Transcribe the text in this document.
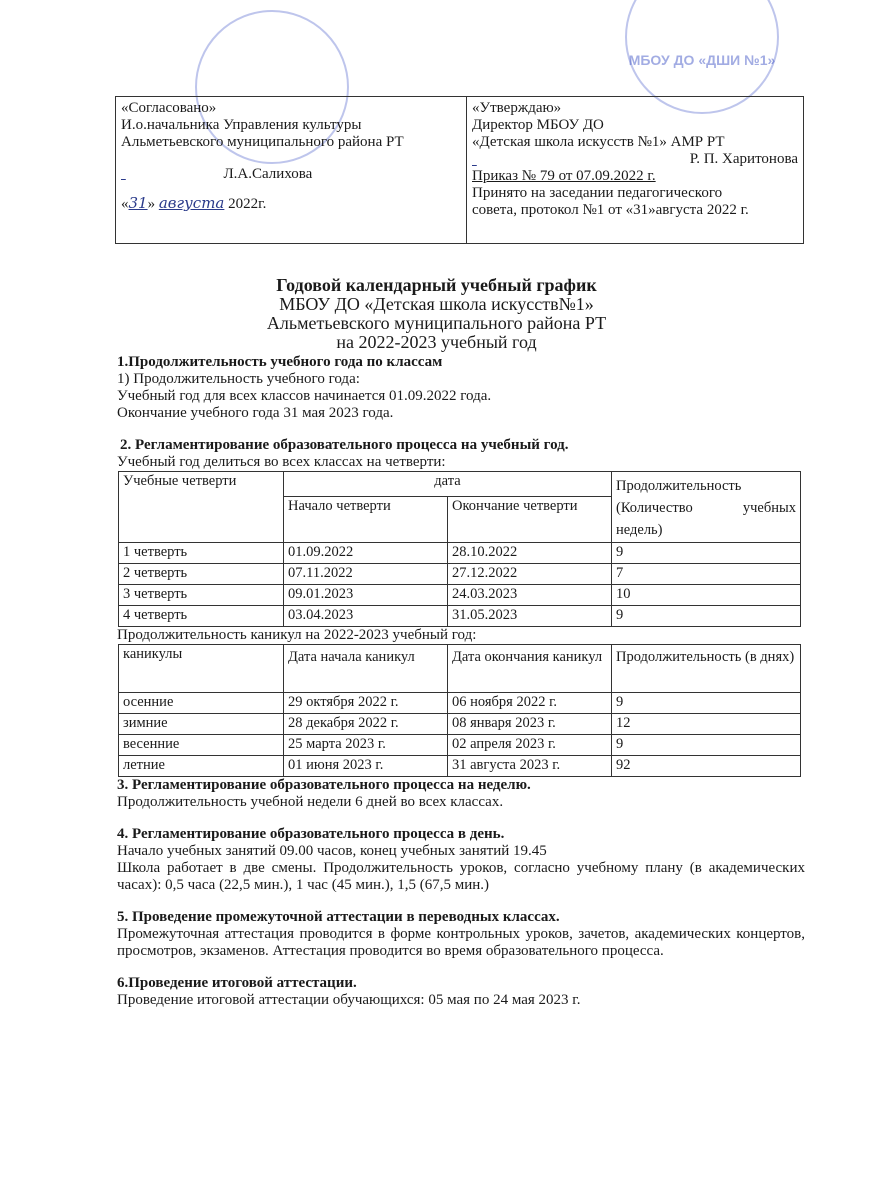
МБОУ ДО «ДШИ №1»
«Согласовано»
И.о.начальника Управления культуры
Альметьевского муниципального района РТ
Л.А.Салихова
«31» августа 2022г.

«Утверждаю»
Директор МБОУ ДО
«Детская школа искусств №1» АМР РТ

Р. П. Харитонова
Приказ № 79 от 07.09.2022 г.
Принято на заседании педагогического
совета, протокол №1 от «31»августа 2022 г.
Годовой календарный учебный график
МБОУ ДО «Детская школа искусств№1»
Альметьевского муниципального района РТ
на 2022-2023 учебный год
1.Продолжительность учебного года по классам
1) Продолжительность учебного года:
Учебный год для всех классов начинается 01.09.2022 года.
Окончание учебного года 31 мая 2023 года.
2. Регламентирование образовательного процесса на учебный год.
Учебный год делиться во всех классах на четверти:
Учебные четверти	дата		Продолжительность (Количество учебных недель)
	Начало четверти	Окончание четверти	
1 четверть	01.09.2022	28.10.2022	9
2 четверть	07.11.2022	27.12.2022	7
3 четверть	09.01.2023	24.03.2023	10
4 четверть	03.04.2023	31.05.2023	9
Продолжительность каникул на 2022-2023 учебный год:
каникулы	Дата начала каникул	Дата окончания каникул	Продолжительность (в днях)
осенние	29 октября 2022 г.	06 ноября 2022 г.	9
зимние	28 декабря 2022 г.	08 января 2023 г.	12
весенние	25 марта 2023 г.	02 апреля 2023 г.	9
летние	01 июня 2023 г.	31 августа 2023 г.	92
3. Регламентирование образовательного процесса на неделю.
Продолжительность учебной недели 6 дней во всех классах.
4. Регламентирование образовательного процесса в день.
Начало учебных занятий 09.00 часов, конец учебных занятий 19.45
Школа работает в две смены. Продолжительность уроков, согласно учебному плану (в академических часах): 0,5 часа (22,5 мин.), 1 час (45 мин.), 1,5 (67,5 мин.)
5. Проведение промежуточной аттестации в переводных классах.
Промежуточная аттестация проводится в форме контрольных уроков, зачетов, академических концертов, просмотров, экзаменов. Аттестация проводится во время образовательного процесса.
6.Проведение итоговой аттестации.
Проведение итоговой аттестации обучающихся: 05 мая по 24 мая 2023 г.
